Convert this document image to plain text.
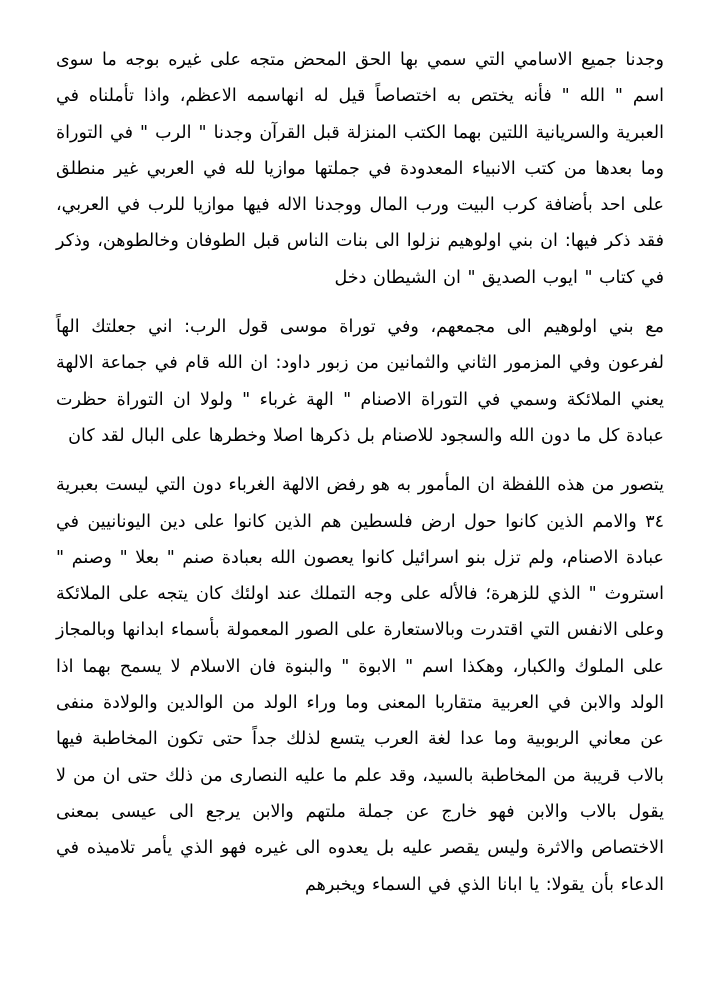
وجدنا جميع الاسامي التي سمي بها الحق المحض متجه على غيره بوجه ما سوى اسم " الله " فأنه يختص به اختصاصاً قيل له انهاسمه الاعظم، واذا تأملناه في العبرية والسريانية اللتين بهما الكتب المنزلة قبل القرآن وجدنا " الرب " في التوراة وما بعدها من كتب الانبياء المعدودة في جملتها موازيا لله في العربي غير منطلق على احد بأضافة كرب البيت ورب المال ووجدنا الاله فيها موازيا للرب في العربي، فقد ذكر فيها: ان بني اولوهيم نزلوا الى بنات الناس قبل الطوفان وخالطوهن، وذكر في كتاب " ايوب الصديق " ان الشيطان دخل

مع بني اولوهيم الى مجمعهم، وفي توراة موسى قول الرب: اني جعلتك الهاً لفرعون وفي المزمور الثاني والثمانين من زبور داود: ان الله قام في جماعة الالهة يعني الملائكة وسمي في التوراة الاصنام " الهة غرباء " ولولا ان التوراة حظرت عبادة كل ما دون الله والسجود للاصنام بل ذكرها اصلا وخطرها على البال لقد كان

يتصور من هذه اللفظة ان المأمور به هو رفض الالهة الغرباء دون التي ليست بعبرية ٣٤ والامم الذين كانوا حول ارض فلسطين هم الذين كانوا على دين اليونانيين في عبادة الاصنام، ولم تزل بنو اسرائيل كانوا يعصون الله بعبادة صنم " بعلا " وصنم " استروث " الذي للزهرة؛ فالأله على وجه التملك عند اولئك كان يتجه على الملائكة وعلى الانفس التي اقتدرت وبالاستعارة على الصور المعمولة بأسماء ابدانها وبالمجاز على الملوك والكبار، وهكذا اسم " الابوة " والبنوة فان الاسلام لا يسمح بهما اذا الولد والابن في العربية متقاربا المعنى وما وراء الولد من الوالدين والولادة منفى عن معاني الربوبية وما عدا لغة العرب يتسع لذلك جداً حتى تكون المخاطبة فيها بالاب قريبة من المخاطبة بالسيد، وقد علم ما عليه النصارى من ذلك حتى ان من لا يقول بالاب والابن فهو خارج عن جملة ملتهم والابن يرجع الى عيسى بمعنى الاختصاص والاثرة وليس يقصر عليه بل يعدوه الى غيره فهو الذي يأمر تلاميذه في الدعاء بأن يقولا: يا ابانا الذي في السماء ويخبرهم
